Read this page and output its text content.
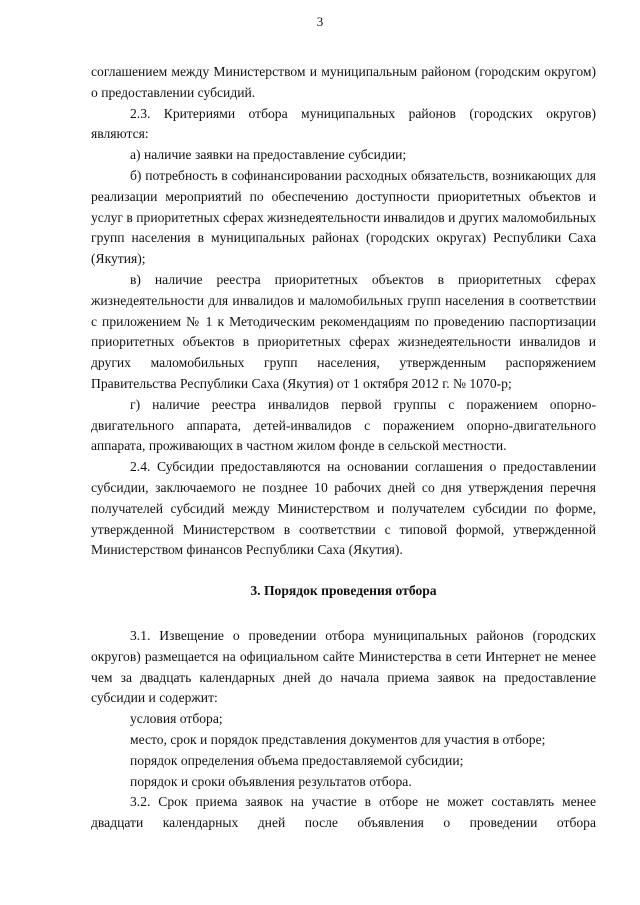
3

соглашением между Министерством и муниципальным районом (городским округом) о предоставлении субсидий.

2.3. Критериями отбора муниципальных районов (городских округов) являются:

а) наличие заявки на предоставление субсидии;

б) потребность в софинансировании расходных обязательств, возникающих для реализации мероприятий по обеспечению доступности приоритетных объектов и услуг в приоритетных сферах жизнедеятельности инвалидов и других маломобильных групп населения в муниципальных районах (городских округах) Республики Саха (Якутия);

в) наличие реестра приоритетных объектов в приоритетных сферах жизнедеятельности для инвалидов и маломобильных групп населения в соответствии с приложением № 1 к Методическим рекомендациям по проведению паспортизации приоритетных объектов в приоритетных сферах жизнедеятельности инвалидов и других маломобильных групп населения, утвержденным распоряжением Правительства Республики Саха (Якутия) от 1 октября 2012 г. № 1070-р;

г) наличие реестра инвалидов первой группы с поражением опорно-двигательного аппарата, детей-инвалидов с поражением опорно-двигательного аппарата, проживающих в частном жилом фонде в сельской местности.

2.4. Субсидии предоставляются на основании соглашения о предоставлении субсидии, заключаемого не позднее 10 рабочих дней со дня утверждения перечня получателей субсидий между Министерством и получателем субсидии по форме, утвержденной Министерством в соответствии с типовой формой, утвержденной Министерством финансов Республики Саха (Якутия).

3. Порядок проведения отбора

3.1. Извещение о проведении отбора муниципальных районов (городских округов) размещается на официальном сайте Министерства в сети Интернет не менее чем за двадцать календарных дней до начала приема заявок на предоставление субсидии и содержит:

условия отбора;

место, срок и порядок представления документов для участия в отборе;

порядок определения объема предоставляемой субсидии;

порядок и сроки объявления результатов отбора.

3.2. Срок приема заявок на участие в отборе не может составлять менее двадцати календарных дней после объявления о проведении отбора
